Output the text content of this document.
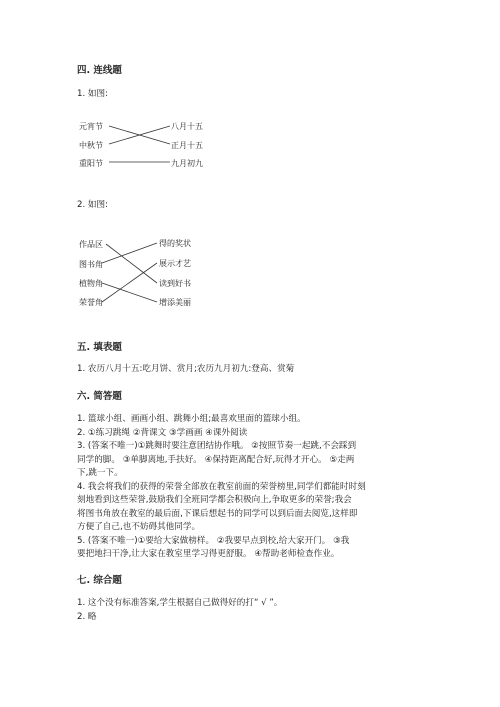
四. 连线题
1. 如图:
元宵节
中秋节
重阳节
八月十五
正月十五
九月初九
2. 如图:
作品区
图书角
植物角
荣誉角
得的奖状
展示才艺
读到好书
增添美丽
五. 填表题
1. 农历八月十五:吃月饼、赏月;农历九月初九:登高、赏菊
六. 简答题
1. 篮球小组、画画小组、跳舞小组;最喜欢里面的篮球小组。
2. ①练习跳绳 ②背课文 ③学画画 ④课外阅读
3. (答案不唯一)①跳舞时要注意团结协作哦。 ②按照节奏一起跳,不会踩到
同学的脚。 ③单脚离地,手扶好。 ④保持距离配合好,玩得才开心。 ⑤走两
下,跳一下。
4. 我会将我们的获得的荣誉全部放在教室前面的荣誉榜里,同学们都能时时刻
刻地看到这些荣誉,鼓励我们全班同学都会积极向上,争取更多的荣誉;我会
将图书角放在教室的最后面,下课后想起书的同学可以到后面去阅览,这样即
方便了自己,也不妨碍其他同学。
5. (答案不唯一)①要给大家做榜样。 ②我要早点到校,给大家开门。 ③我
要把地扫干净,让大家在教室里学习得更舒服。 ④帮助老师检查作业。
七. 综合题
1. 这个没有标准答案,学生根据自己做得好的打“ √ ”。
2. 略
